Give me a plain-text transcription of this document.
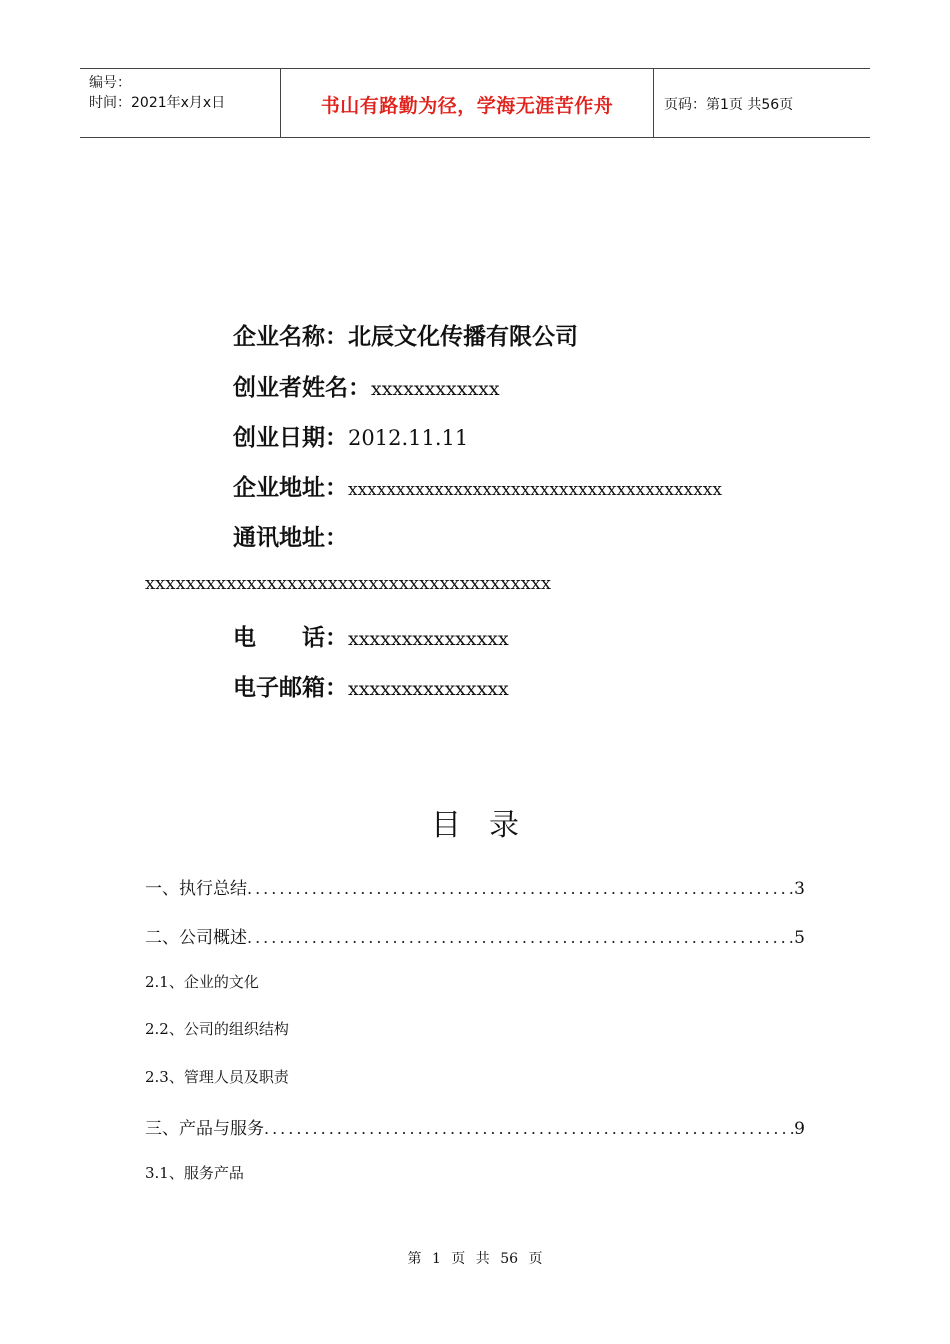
编号：
时间：2021年x月x日	书山有路勤为径，学海无涯苦作舟	页码：第1页 共56页
企业名称：北辰文化传播有限公司
创业者姓名：xxxxxxxxxxxx
创业日期：2012.11.11
企业地址：xxxxxxxxxxxxxxxxxxxxxxxxxxxxxxxxxxxxxxx
通讯地址：
xxxxxxxxxxxxxxxxxxxxxxxxxxxxxxxxxxxxxxxx
电　　话：xxxxxxxxxxxxxxx
电子邮箱：xxxxxxxxxxxxxxx
目录
一、执行总结 .....	3
二、公司概述 .....	5
2.1、企业的文化
2.2、公司的组织结构
2.3、管理人员及职责
三、产品与服务 .....	9
3.1、服务产品
第 1 页 共 56 页
